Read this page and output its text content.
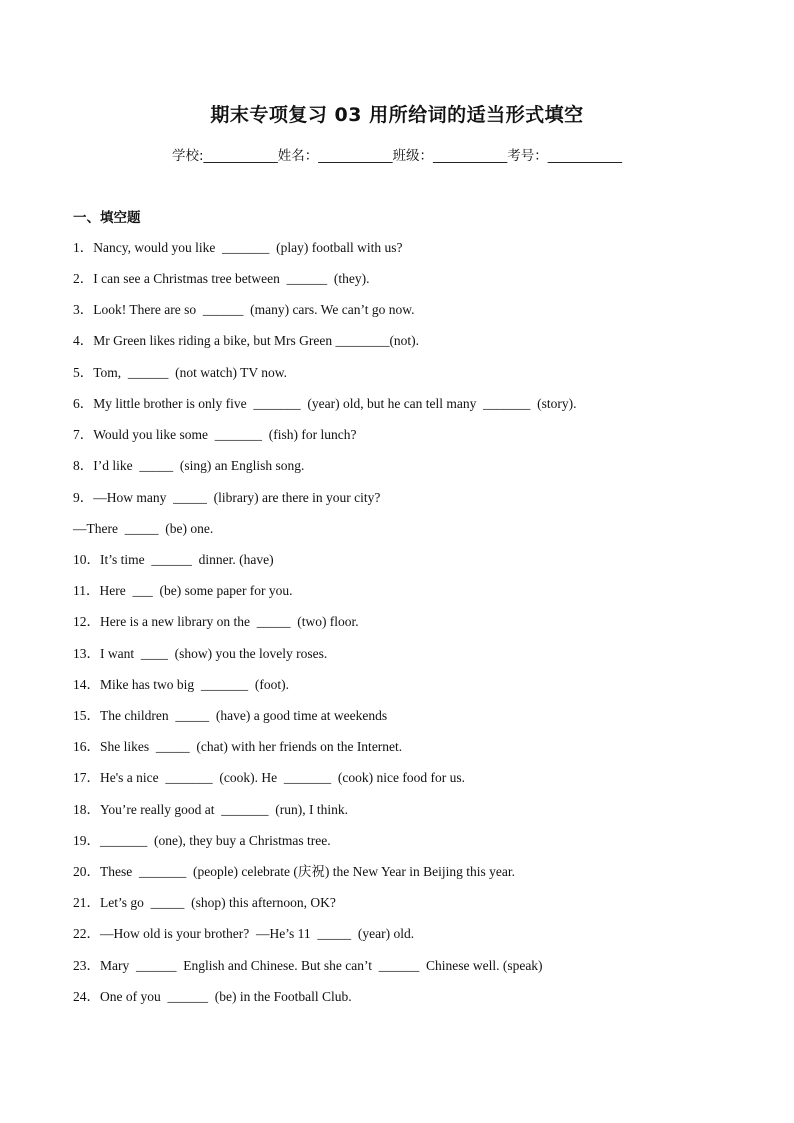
期末专项复习 03 用所给词的适当形式填空
学校:___________姓名：___________班级：___________考号：___________
一、填空题
1．Nancy, would you like  _______  (play) football with us?
2．I can see a Christmas tree between  ______  (they).
3．Look! There are so  ______  (many) cars. We can’t go now.
4．Mr Green likes riding a bike, but Mrs Green ________(not).
5．Tom,  ______  (not watch) TV now.
6．My little brother is only five  _______  (year) old, but he can tell many  _______  (story).
7．Would you like some  _______  (fish) for lunch?
8．I’d like  _____  (sing) an English song.
9．—How many  _____  (library) are there in your city?
—There  _____  (be) one.
10．It’s time  ______  dinner. (have)
11．Here  ___  (be) some paper for you.
12．Here is a new library on the  _____  (two) floor.
13．I want  ____  (show) you the lovely roses.
14．Mike has two big  _______  (foot).
15．The children  _____  (have) a good time at weekends
16．She likes  _____  (chat) with her friends on the Internet.
17．He's a nice  _______  (cook). He  _______  (cook) nice food for us.
18．You’re really good at  _______  (run), I think.
19．_______  (one), they buy a Christmas tree.
20．These  _______  (people) celebrate (庆祝) the New Year in Beijing this year.
21．Let’s go  _____  (shop) this afternoon, OK?
22．—How old is your brother?  —He’s 11  _____  (year) old.
23．Mary  ______  English and Chinese. But she can’t  ______  Chinese well. (speak)
24．One of you  ______  (be) in the Football Club.
